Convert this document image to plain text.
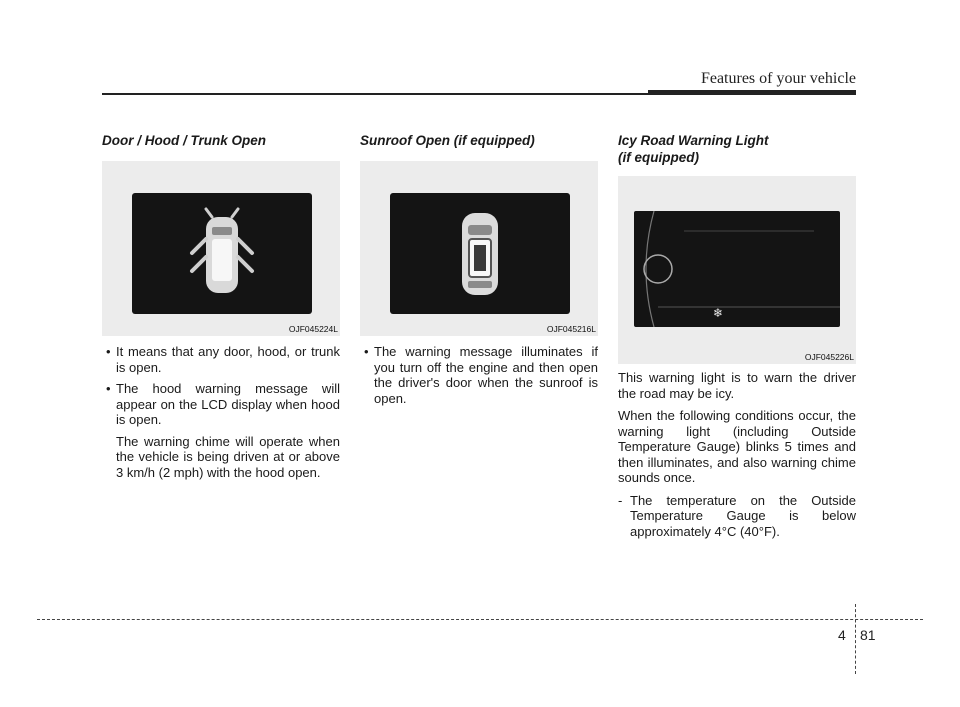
Features of your vehicle

Door / Hood / Trunk Open

OJF045224L
• It means that any door, hood, or trunk is open.
• The hood warning message will appear on the LCD display when hood is open.

The warning chime will operate when the vehicle is being driven at or above 3 km/h (2 mph) with the hood open.

Sunroof Open (if equipped)

OJF045216L
• The warning message illuminates if you turn off the engine and then open the driver's door when the sunroof is open.

Icy Road Warning Light

(if equipped)

❄
OJF045226L

This warning light is to warn the driver the road may be icy.

When the following conditions occur, the warning light (including Outside Temperature Gauge) blinks 5 times and then illuminates, and also warning chime sounds once.

- The temperature on the Outside Temperature Gauge is below approximately 4°C (40°F).

4 81
